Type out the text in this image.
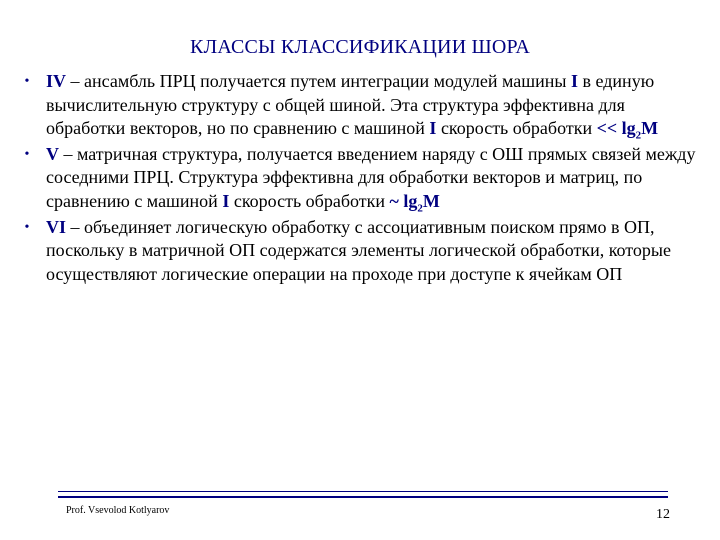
КЛАССЫ КЛАССИФИКАЦИИ ШОРА
• IV – ансамбль ПРЦ получается путем интеграции модулей машины I в единую вычислительную структуру с общей шиной. Эта структура эффективна для обработки векторов, но по сравнению с машиной I скорость обработки << $\lg_2M$
• V – матричная структура, получается введением наряду с ОШ прямых связей между соседними ПРЦ. Структура эффективна для обработки векторов и матриц, по сравнению с машиной I скорость обработки ~ $\lg_2M$
• VI – объединяет логическую обработку с ассоциативным поиском прямо в ОП, поскольку в матричной ОП содержатся элементы логической обработки, которые осуществляют логические операции на проходе при доступе к ячейкам ОП
Prof. Vsevolod Kotlyarov	12
